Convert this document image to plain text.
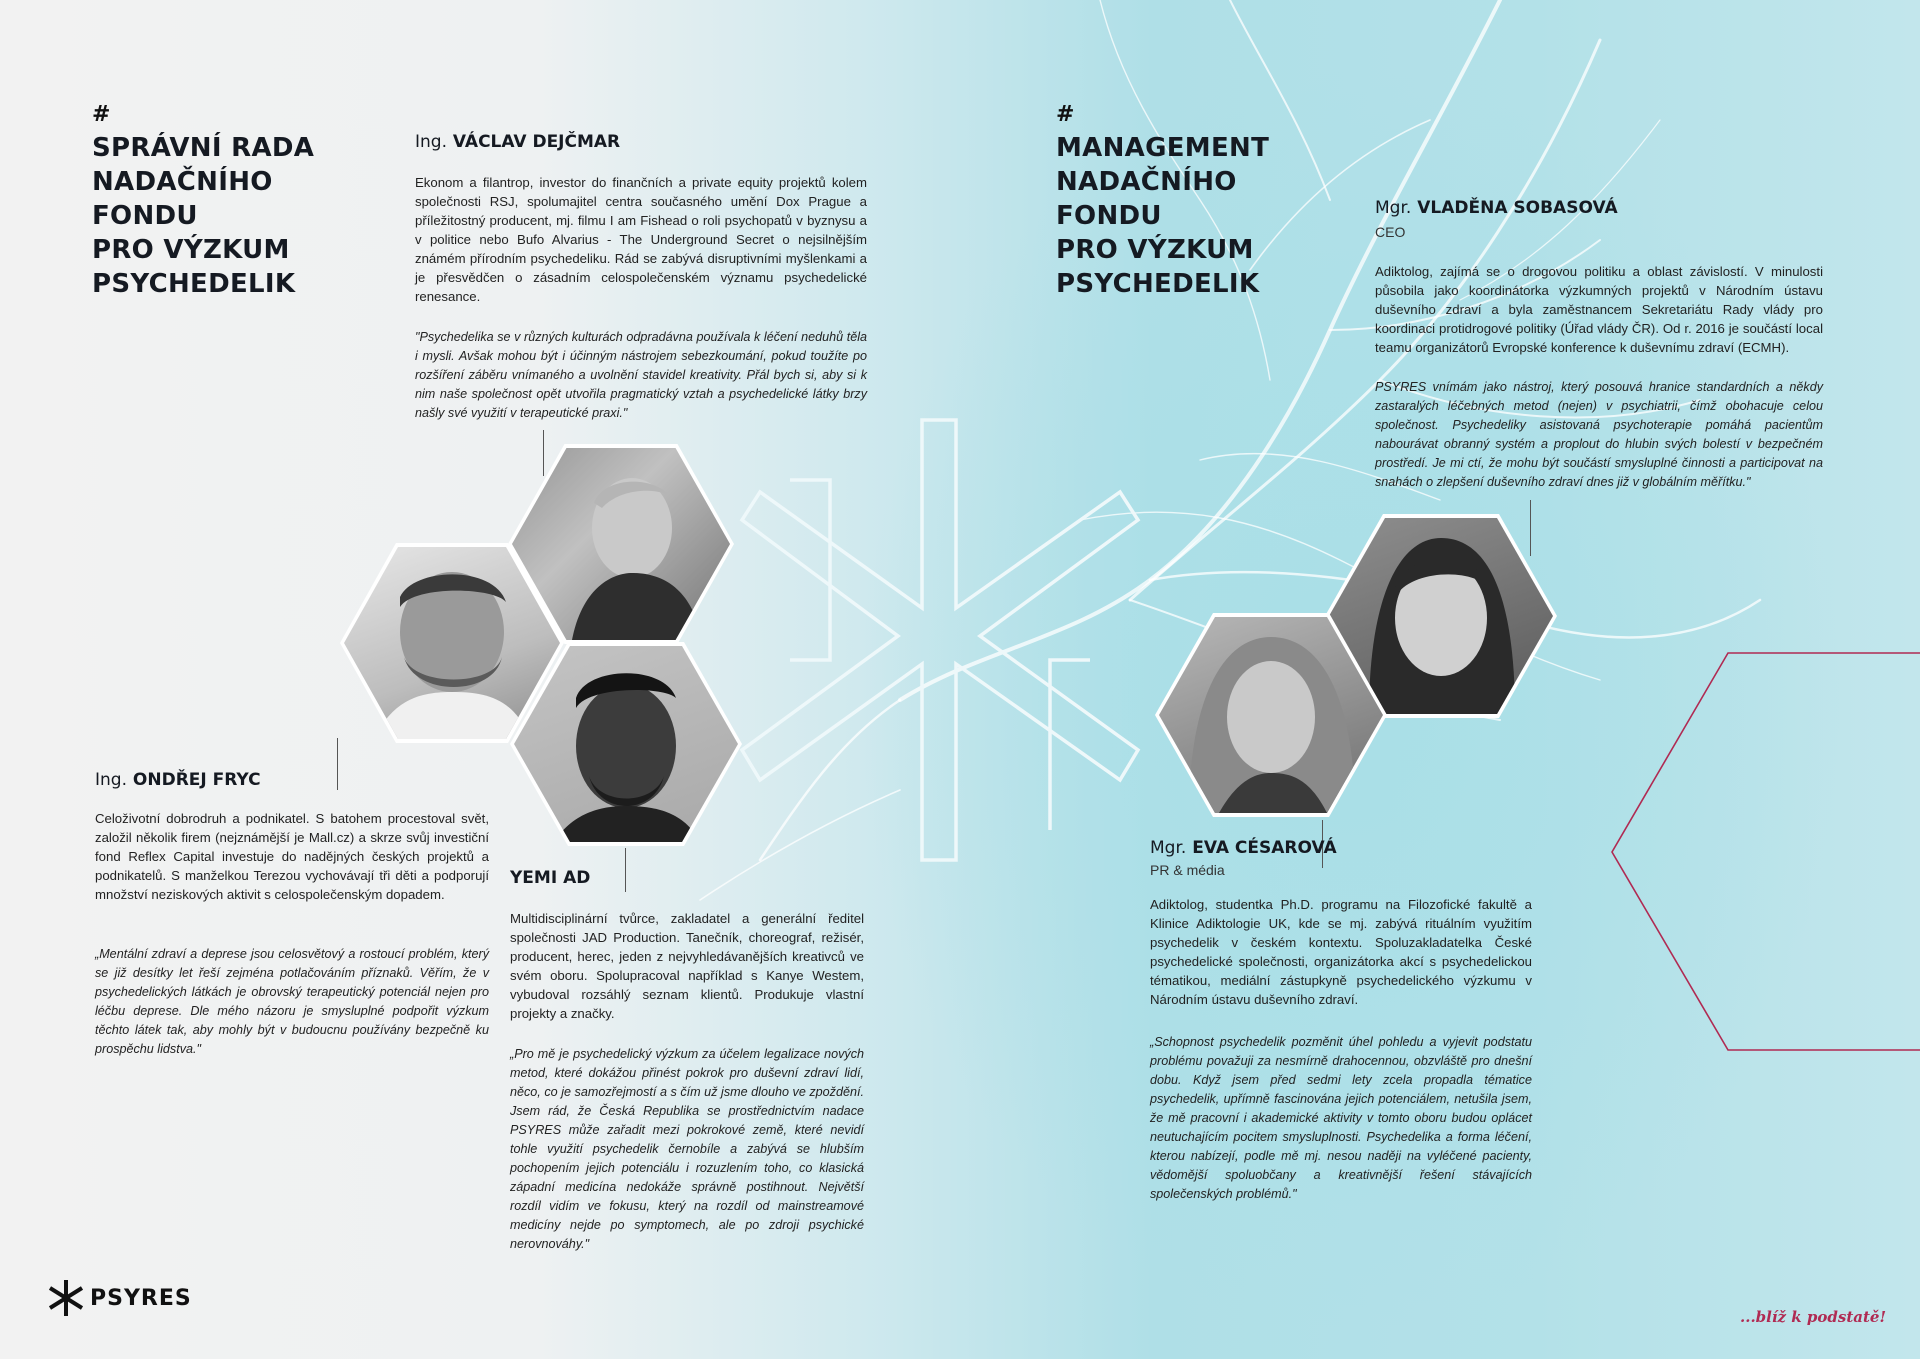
#
SPRÁVNÍ RADA
NADAČNÍHO
FONDU
PRO VÝZKUM
PSYCHEDELIK
Ing. VÁCLAV DEJČMAR

Ekonom a filantrop, investor do finančních a private equity projektů kolem společnosti RSJ, spolumajitel centra současného umění Dox Prague a příležitostný producent, mj. filmu I am Fishead o roli psychopatů v byznysu a v politice nebo Bufo Alvarius - The Underground Secret o nejsilnějším známém přírodním psychedeliku. Rád se zabývá disruptivními myšlenkami a je přesvědčen o zásadním celospolečenském významu psychedelické renesance.

"Psychedelika se v různých kulturách odpradávna používala k léčení neduhů těla i mysli. Avšak mohou být i účinným nástrojem sebezkoumání, pokud toužíte po rozšíření záběru vnímaného a uvolnění stavidel kreativity. Přál bych si, aby si k nim naše společnost opět utvořila pragmatický vztah a psychedelické látky brzy našly své využití v terapeutické praxi."

Ing. ONDŘEJ FRYC

Celoživotní dobrodruh a podnikatel. S batohem procestoval svět, založil několik firem (nejznámější je Mall.cz) a skrze svůj investiční fond Reflex Capital investuje do nadějných českých projektů a podnikatelů. S manželkou Terezou vychovávají tři děti a podporují množství neziskových aktivit s celospolečenským dopadem.

„Mentální zdraví a deprese jsou celosvětový a rostoucí problém, který se již desítky let řeší zejména potlačováním příznaků. Věřím, že v psychedelických látkách je obrovský terapeutický potenciál nejen pro léčbu deprese. Dle mého názoru je smysluplné podpořit výzkum těchto látek tak, aby mohly být v budoucnu používány bezpečně ku prospěchu lidstva."

YEMI AD

Multidisciplinární tvůrce, zakladatel a generální ředitel společnosti JAD Production. Tanečník, choreograf, režisér, producent, herec, jeden z nejvyhledávanějších kreativců ve svém oboru. Spolupracoval například s Kanye Westem, vybudoval rozsáhlý seznam klientů. Produkuje vlastní projekty a značky.

„Pro mě je psychedelický výzkum za účelem legalizace nových metod, které dokážou přinést pokrok pro duševní zdraví lidí, něco, co je samozřejmostí a s čím už jsme dlouho ve zpoždění. Jsem rád, že Česká Republika se prostřednictvím nadace PSYRES může zařadit mezi pokrokové země, které nevidí tohle využití psychedelik černobíle a zabývá se hlubším pochopením jejich potenciálu i rozuzlením toho, co klasická západní medicína nedokáže správně postihnout. Největší rozdíl vidím ve fokusu, který na rozdíl od mainstreamové medicíny nejde po symptomech, ale po zdroji psychické nerovnováhy."

#
MANAGEMENT
NADAČNÍHO
FONDU
PRO VÝZKUM
PSYCHEDELIK
Mgr. VLADĚNA SOBASOVÁ
CEO

Adiktolog, zajímá se o drogovou politiku a oblast závislostí. V minulosti působila jako koordinátorka výzkumných projektů v Národním ústavu duševního zdraví a byla zaměstnancem Sekretariátu Rady vlády pro koordinaci protidrogové politiky (Úřad vlády ČR). Od r. 2016 je součástí local teamu organizátorů Evropské konference k duševnímu zdraví (ECMH).

PSYRES vnímám jako nástroj, který posouvá hranice standardních a někdy zastaralých léčebných metod (nejen) v psychiatrii, čímž obohacuje celou společnost. Psychedeliky asistovaná psychoterapie pomáhá pacientům nabourávat obranný systém a proplout do hlubin svých bolestí v bezpečném prostředí. Je mi ctí, že mohu být součástí smysluplné činnosti a participovat na snahách o zlepšení duševního zdraví dnes již v globálním měřítku."

Mgr. EVA CÉSAROVÁ
PR & média

Adiktolog, studentka Ph.D. programu na Filozofické fakultě a Klinice Adiktologie UK, kde se mj. zabývá rituálním využitím psychedelik v českém kontextu. Spoluzakladatelka České psychedelické společnosti, organizátorka akcí s psychedelickou tématikou, mediální zástupkyně psychedelického výzkumu v Národním ústavu duševního zdraví.

„Schopnost psychedelik pozměnit úhel pohledu a vyjevit podstatu problému považuji za nesmírně drahocennou, obzvláště pro dnešní dobu. Když jsem před sedmi lety zcela propadla tématice psychedelik, upřímně fascinována jejich potenciálem, netušila jsem, že mě pracovní i akademické aktivity v tomto oboru budou oplácet neutuchajícím pocitem smysluplnosti. Psychedelika a forma léčení, kterou nabízejí, podle mě mj. nesou naději na vyléčené pacienty, vědomější spoluobčany a kreativnější řešení stávajících společenských problémů."

PSYRES
...blíž k podstatě!
